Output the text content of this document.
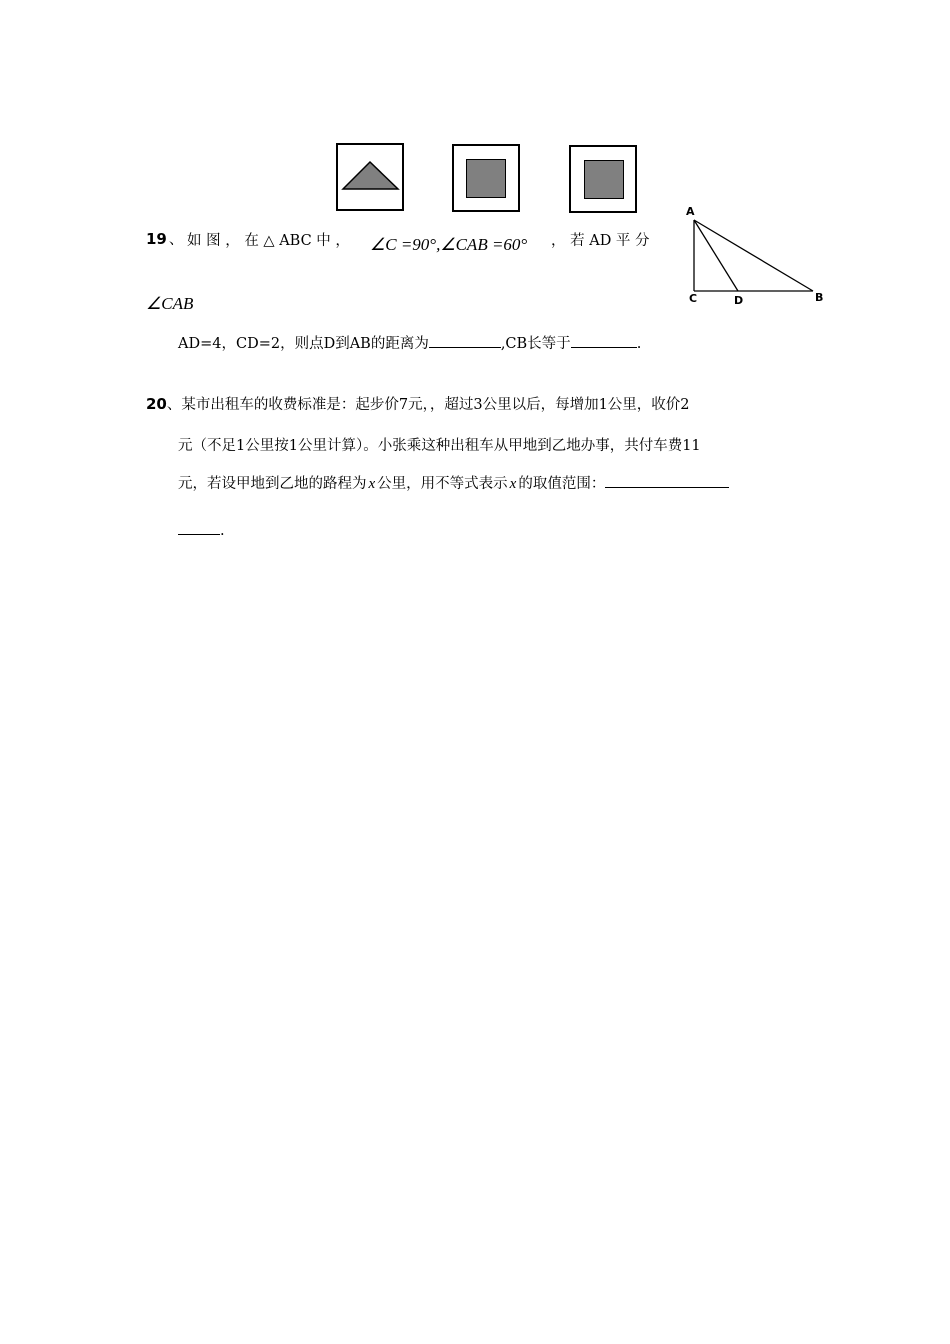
19 、 如 图 ， 在 △ ABC 中 ， ∠C =90°,∠CAB =60° ， 若 AD 平 分
∠CAB
AD=4，CD=2，则点D到AB的距离为	,CB长等于	.
A
C	D	B
20、某市出租车的收费标准是：起步价7元，，超过3公里以后，每增加1公里，收价2
元（不足1公里按1公里计算）。小张乘这种出租车从甲地到乙地办事，共付车费11
元，若设甲地到乙地的路程为 x 公里，用不等式表示 x 的取值范围：
.
